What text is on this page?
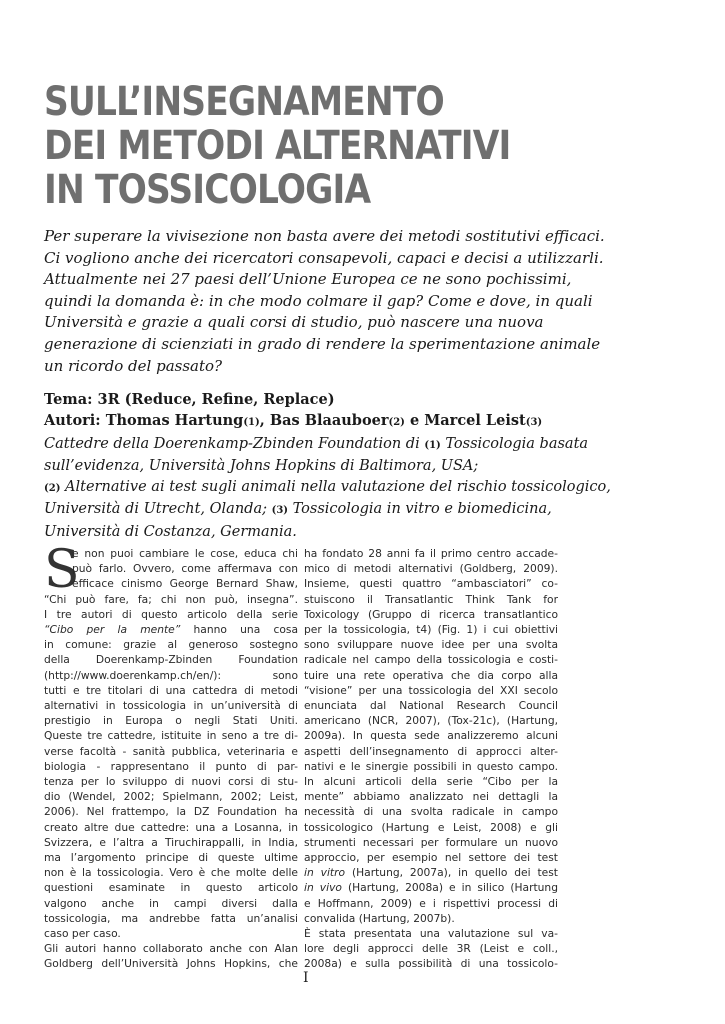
SULL’INSEGNAMENTO
DEI METODI ALTERNATIVI
IN TOSSICOLOGIA
Per superare la vivisezione non basta avere dei metodi sostitutivi efficaci.
Ci vogliono anche dei ricercatori consapevoli, capaci e decisi a utilizzarli.
Attualmente nei 27 paesi dell’Unione Europea ce ne sono pochissimi,
quindi la domanda è: in che modo colmare il gap? Come e dove, in quali
Università e grazie a quali corsi di studio, può nascere una nuova
generazione di scienziati in grado di rendere la sperimentazione animale
un ricordo del passato?
Tema: 3R (Reduce, Refine, Replace)
Autori: Thomas Hartung(1), Bas Blaauboer(2) e Marcel Leist(3)
Cattedre della Doerenkamp-Zbinden Foundation di (1) Tossicologia basata
sull’evidenza, Università Johns Hopkins di Baltimora, USA;
(2) Alternative ai test sugli animali nella valutazione del rischio tossicologico,
Università di Utrecht, Olanda; (3) Tossicologia in vitro e biomedicina,
Università di Costanza, Germania.
S
e non puoi cambiare le cose, educa chi
può farlo. Ovvero, come affermava con
efficace cinismo George Bernard Shaw,
“Chi può fare, fa; chi non può, insegna”.
I tre autori di questo articolo della serie
“Cibo per la mente” hanno una cosa
in comune: grazie al generoso sostegno
della Doerenkamp-Zbinden Foundation
(http://www.doerenkamp.ch/en/): sono
tutti e tre titolari di una cattedra di metodi
alternativi in tossicologia in un’università di
prestigio in Europa o negli Stati Uniti.
Queste tre cattedre, istituite in seno a tre di-
verse facoltà - sanità pubblica, veterinaria e
biologia - rappresentano il punto di par-
tenza per lo sviluppo di nuovi corsi di stu-
dio (Wendel, 2002; Spielmann, 2002; Leist,
2006). Nel frattempo, la DZ Foundation ha
creato altre due cattedre: una a Losanna, in
Svizzera, e l’altra a Tiruchirappalli, in India,
ma l’argomento principe di queste ultime
non è la tossicologia. Vero è che molte delle
questioni esaminate in questo articolo
valgono anche in campi diversi dalla
tossicologia, ma andrebbe fatta un’analisi
caso per caso.
Gli autori hanno collaborato anche con Alan
Goldberg dell’Università Johns Hopkins, che
ha fondato 28 anni fa il primo centro accade-
mico di metodi alternativi (Goldberg, 2009).
Insieme, questi quattro “ambasciatori” co-
stuiscono il Transatlantic Think Tank for
Toxicology (Gruppo di ricerca transatlantico
per la tossicologia, t4) (Fig. 1) i cui obiettivi
sono sviluppare nuove idee per una svolta
radicale nel campo della tossicologia e costi-
tuire una rete operativa che dia corpo alla
“visione” per una tossicologia del XXI secolo
enunciata dal National Research Council
americano (NCR, 2007), (Tox-21c), (Hartung,
2009a). In questa sede analizzeremo alcuni
aspetti dell’insegnamento di approcci alter-
nativi e le sinergie possibili in questo campo.
In alcuni articoli della serie “Cibo per la
mente” abbiamo analizzato nei dettagli la
necessità di una svolta radicale in campo
tossicologico (Hartung e Leist, 2008) e gli
strumenti necessari per formulare un nuovo
approccio, per esempio nel settore dei test
in vitro (Hartung, 2007a), in quello dei test
in vivo (Hartung, 2008a) e in silico (Hartung
e Hoffmann, 2009) e i rispettivi processi di
convalida (Hartung, 2007b).
È stata presentata una valutazione sul va-
lore degli approcci delle 3R (Leist e coll.,
2008a) e sulla possibilità di una tossicolo-
I
